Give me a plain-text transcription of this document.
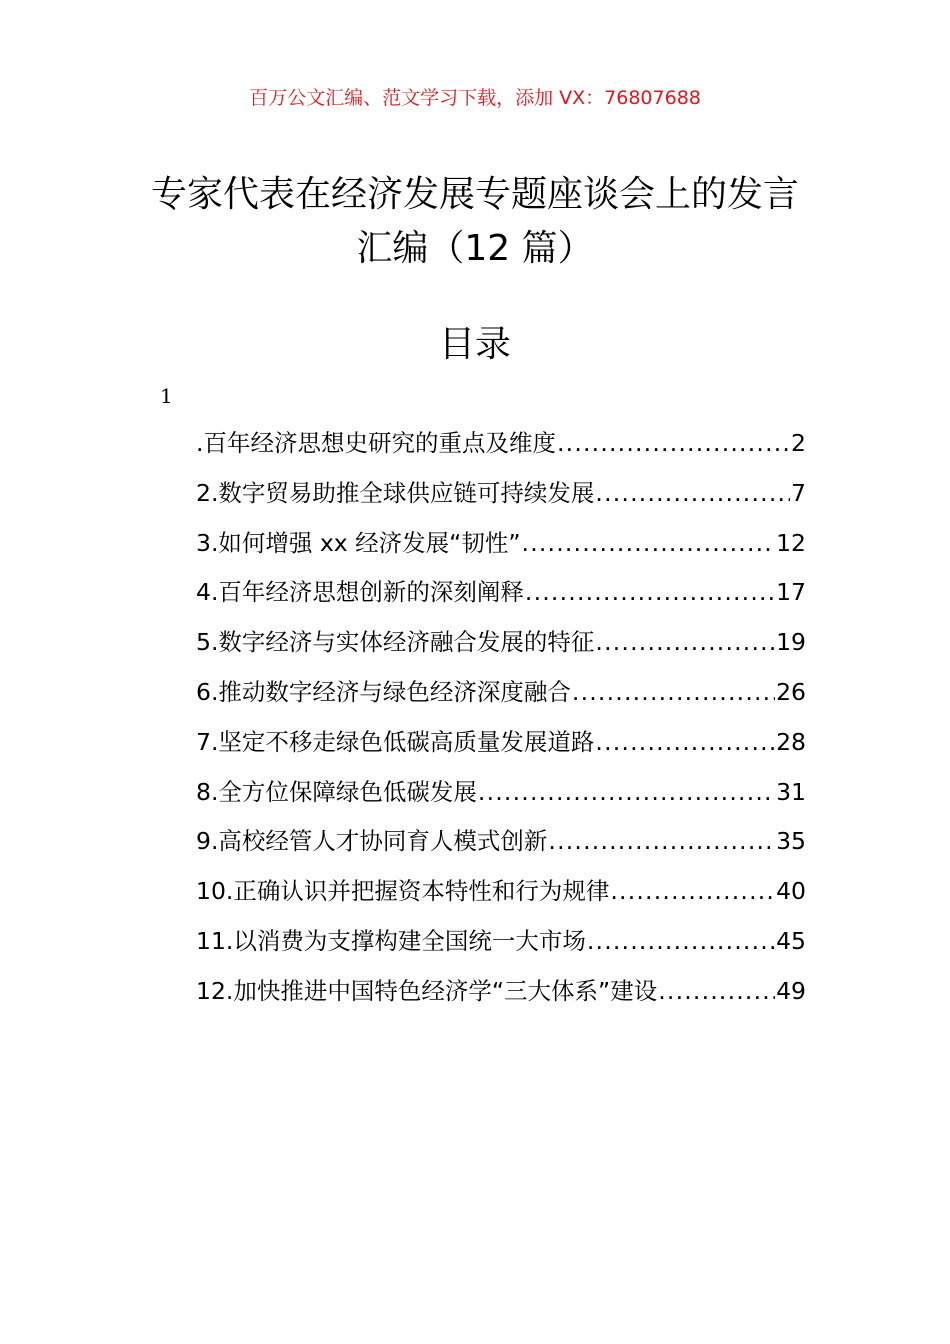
百万公文汇编、范文学习下载，添加 VX：76807688
专家代表在经济发展专题座谈会上的发言
汇编（12 篇）
目录
1
.百年经济思想史研究的重点及维度 .....	2
2.数字贸易助推全球供应链可持续发展 .....	7
3.如何增强 xx 经济发展“韧性” .....	12
4.百年经济思想创新的深刻阐释 .....	17
5.数字经济与实体经济融合发展的特征 .....	19
6.推动数字经济与绿色经济深度融合 .....	26
7.坚定不移走绿色低碳高质量发展道路 .....	28
8.全方位保障绿色低碳发展 .....	31
9.高校经管人才协同育人模式创新 .....	35
10.正确认识并把握资本特性和行为规律 .....	40
11.以消费为支撑构建全国统一大市场 .....	45
12.加快推进中国特色经济学“三大体系”建设 .....	49
